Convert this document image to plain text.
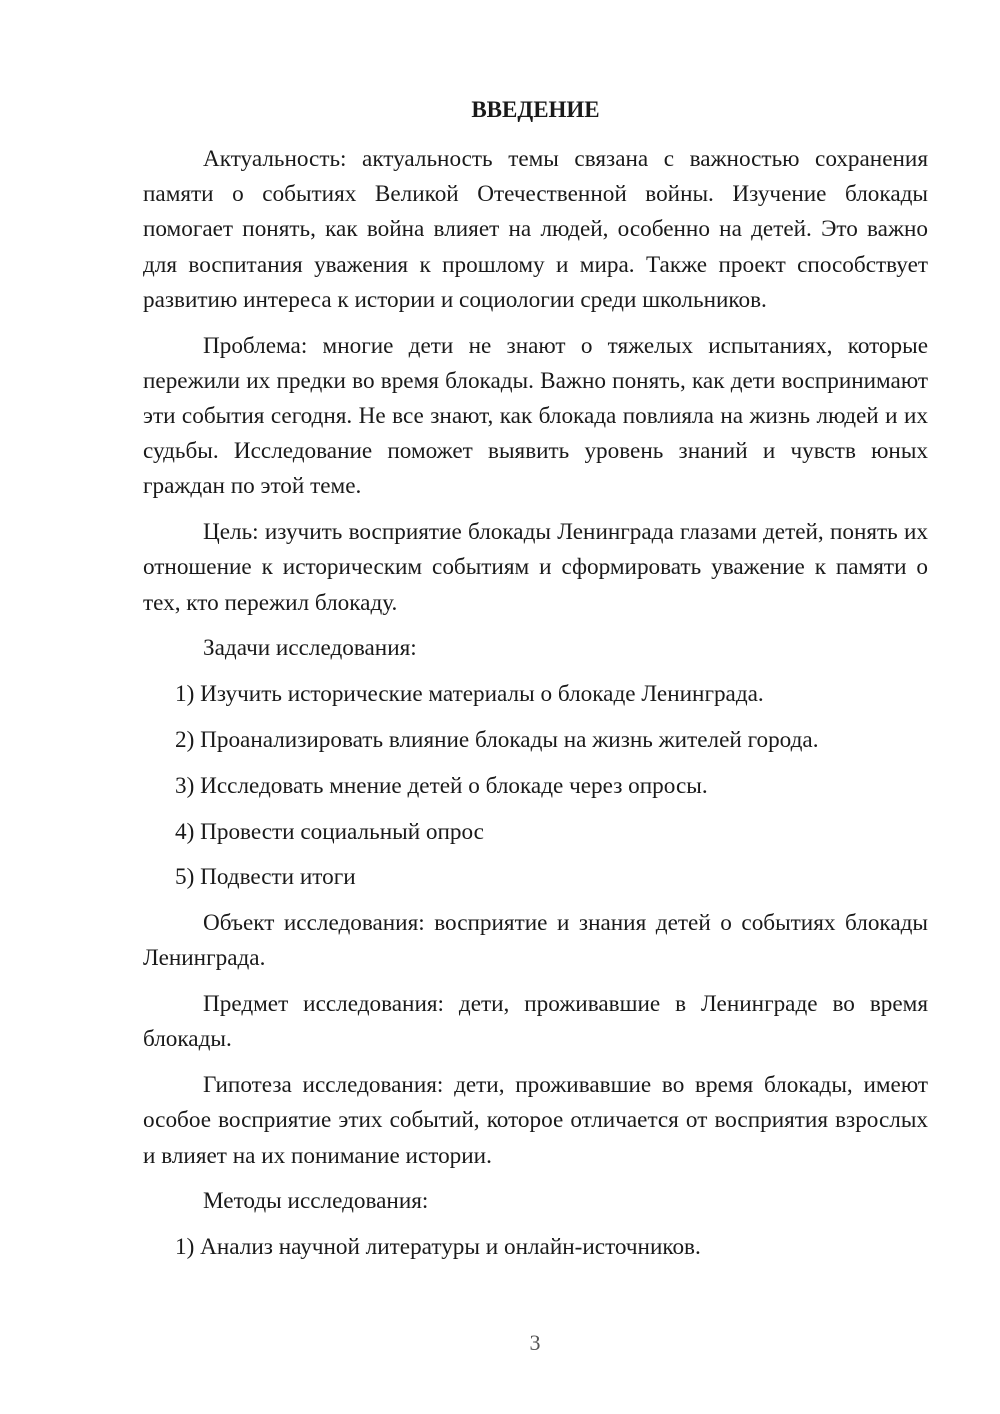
ВВЕДЕНИЕ

Актуальность: актуальность темы связана с важностью сохранения памяти о событиях Великой Отечественной войны. Изучение блокады помогает понять, как война влияет на людей, особенно на детей. Это важно для воспитания уважения к прошлому и мира. Также проект способствует развитию интереса к истории и социологии среди школьников.

Проблема: многие дети не знают о тяжелых испытаниях, которые пережили их предки во время блокады. Важно понять, как дети воспринимают эти события сегодня. Не все знают, как блокада повлияла на жизнь людей и их судьбы. Исследование поможет выявить уровень знаний и чувств юных граждан по этой теме.

Цель: изучить восприятие блокады Ленинграда глазами детей, понять их отношение к историческим событиям и сформировать уважение к памяти о тех, кто пережил блокаду.

Задачи исследования:

1) Изучить исторические материалы о блокаде Ленинграда.

2) Проанализировать влияние блокады на жизнь жителей города.

3) Исследовать мнение детей о блокаде через опросы.

4) Провести социальный опрос

5) Подвести итоги

Объект исследования: восприятие и знания детей о событиях блокады Ленинграда.

Предмет исследования: дети, проживавшие в Ленинграде во время блокады.

Гипотеза исследования: дети, проживавшие во время блокады, имеют особое восприятие этих событий, которое отличается от восприятия взрослых и влияет на их понимание истории.

Методы исследования:

1) Анализ научной литературы и онлайн-источников.

3
